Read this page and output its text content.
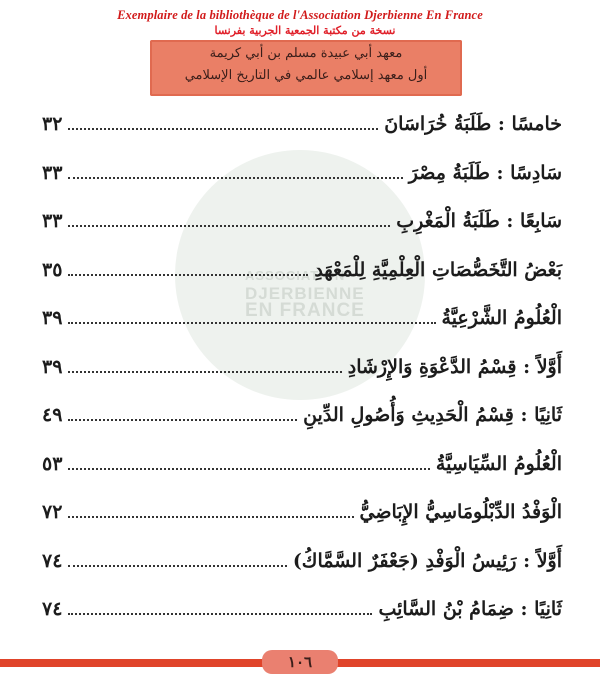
Exemplaire de la bibliothèque de l'Association Djerbienne En France
نسخة من مكتبة الجمعية الجربية بفرنسا
معهد أبي عبيدة مسلم بن أبي كريمة
أول معهد إسلامي عالمي في التاريخ الإسلامي
ASSOCIATION
DJERBIENNE
EN FRANCE
خامسًا : طَلَبَةُ خُرَاسَانَ
٣٢
سَادِسًا : طَلَبَةُ مِصْرَ
٣٣
سَابِعًا : طَلَبَةُ الْمَغْرِبِ
٣٣
بَعْضُ التَّخَصُّصَاتِ الْعِلْمِيَّةِ لِلْمَعْهَدِ
٣٥
الْعُلُومُ الشَّرْعِيَّةُ
٣٩
أَوَّلاً : قِسْمُ الدَّعْوَةِ وَالإِرْشَادِ
٣٩
ثَانِيًا : قِسْمُ الْحَدِيثِ وَأُصُولِ الدِّينِ
٤٩
الْعُلُومُ السِّيَاسِيَّةُ
٥٣
الْوَفْدُ الدِّبْلُومَاسِيُّ الإِبَاضِيُّ
٧٢
أَوَّلاً : رَئِيسُ الْوَفْدِ (جَعْفَرٌ السَّمَّاكُ)
٧٤
ثَانِيًا : ضِمَامُ بْنُ السَّائِبِ
٧٤
١٠٦
